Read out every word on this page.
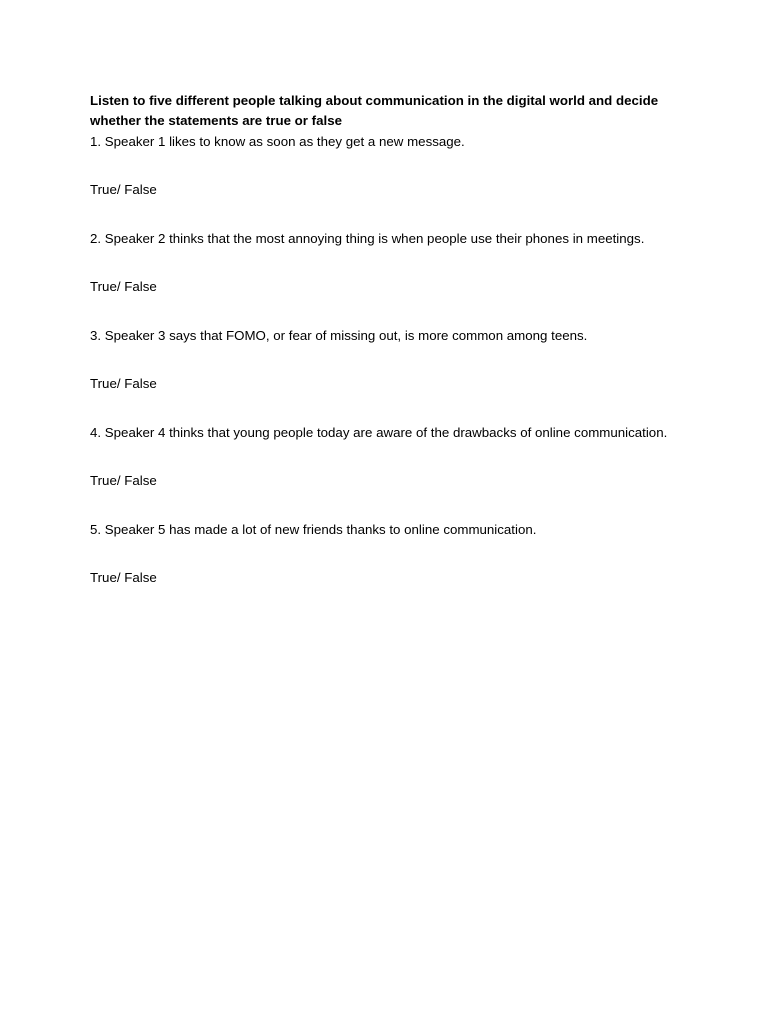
Listen to five different people talking about communication in the digital world and decide whether the statements are true or false

1. Speaker 1 likes to know as soon as they get a new message.

True/ False

2. Speaker 2 thinks that the most annoying thing is when people use their phones in meetings.

True/ False

3. Speaker 3 says that FOMO, or fear of missing out, is more common among teens.

True/ False

4. Speaker 4 thinks that young people today are aware of the drawbacks of online communication.

True/ False

5. Speaker 5 has made a lot of new friends thanks to online communication.

True/ False
